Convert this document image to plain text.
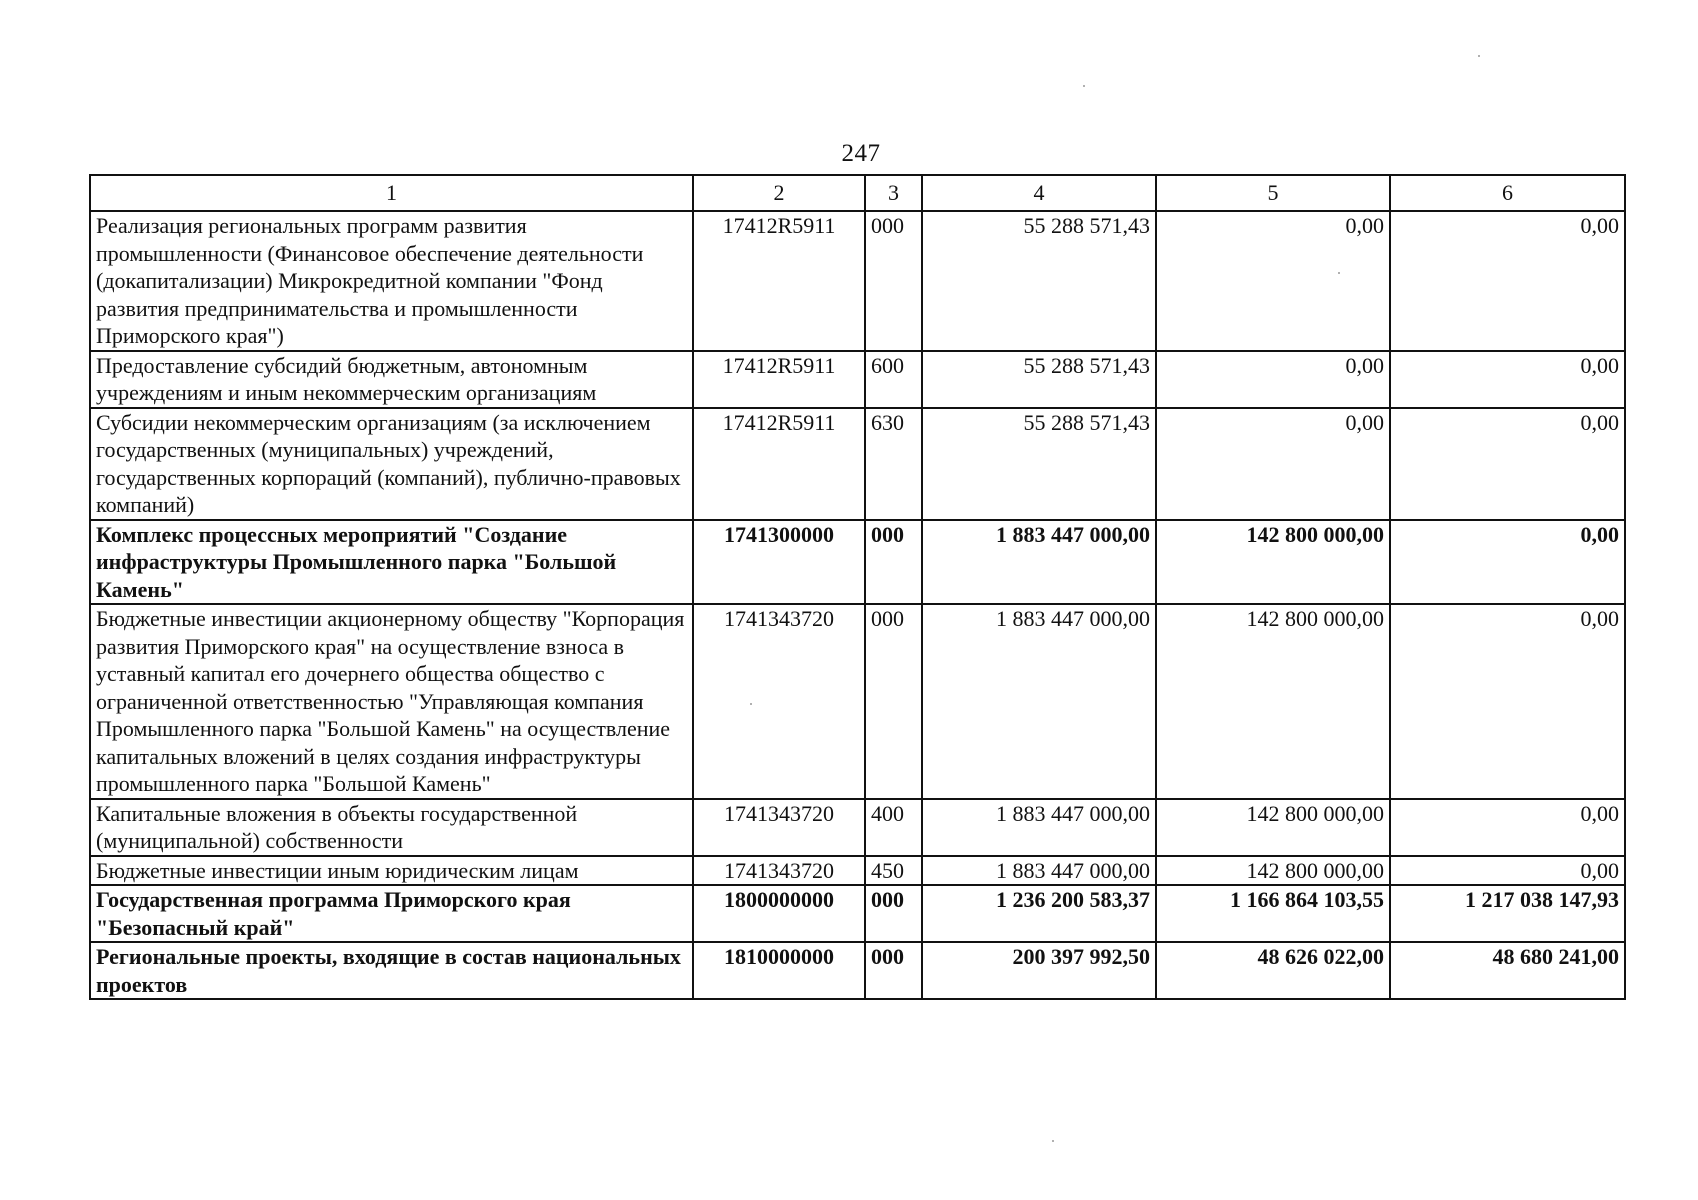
247
1	2	3	4	5	6
Реализация региональных программ развития промышленности (Финансовое обеспечение деятельности (докапитализации) Микрокредитной компании "Фонд развития предпринимательства и промышленности Приморского края")	17412R5911	000	55 288 571,43	0,00	0,00
Предоставление субсидий бюджетным, автономным учреждениям и иным некоммерческим организациям	17412R5911	600	55 288 571,43	0,00	0,00
Субсидии некоммерческим организациям (за исключением государственных (муниципальных) учреждений, государственных корпораций (компаний), публично-правовых компаний)	17412R5911	630	55 288 571,43	0,00	0,00
Комплекс процессных мероприятий "Создание инфраструктуры Промышленного парка "Большой Камень"	1741300000	000	1 883 447 000,00	142 800 000,00	0,00
Бюджетные инвестиции акционерному обществу "Корпорация развития Приморского края" на осуществление взноса в уставный капитал его дочернего общества общество с ограниченной ответственностью "Управляющая компания Промышленного парка "Большой Камень" на осуществление капитальных вложений в целях создания инфраструктуры промышленного парка "Большой Камень"	1741343720	000	1 883 447 000,00	142 800 000,00	0,00
Капитальные вложения в объекты государственной (муниципальной) собственности	1741343720	400	1 883 447 000,00	142 800 000,00	0,00
Бюджетные инвестиции иным юридическим лицам	1741343720	450	1 883 447 000,00	142 800 000,00	0,00
Государственная программа Приморского края "Безопасный край"	1800000000	000	1 236 200 583,37	1 166 864 103,55	1 217 038 147,93
Региональные проекты, входящие в состав национальных проектов	1810000000	000	200 397 992,50	48 626 022,00	48 680 241,00
